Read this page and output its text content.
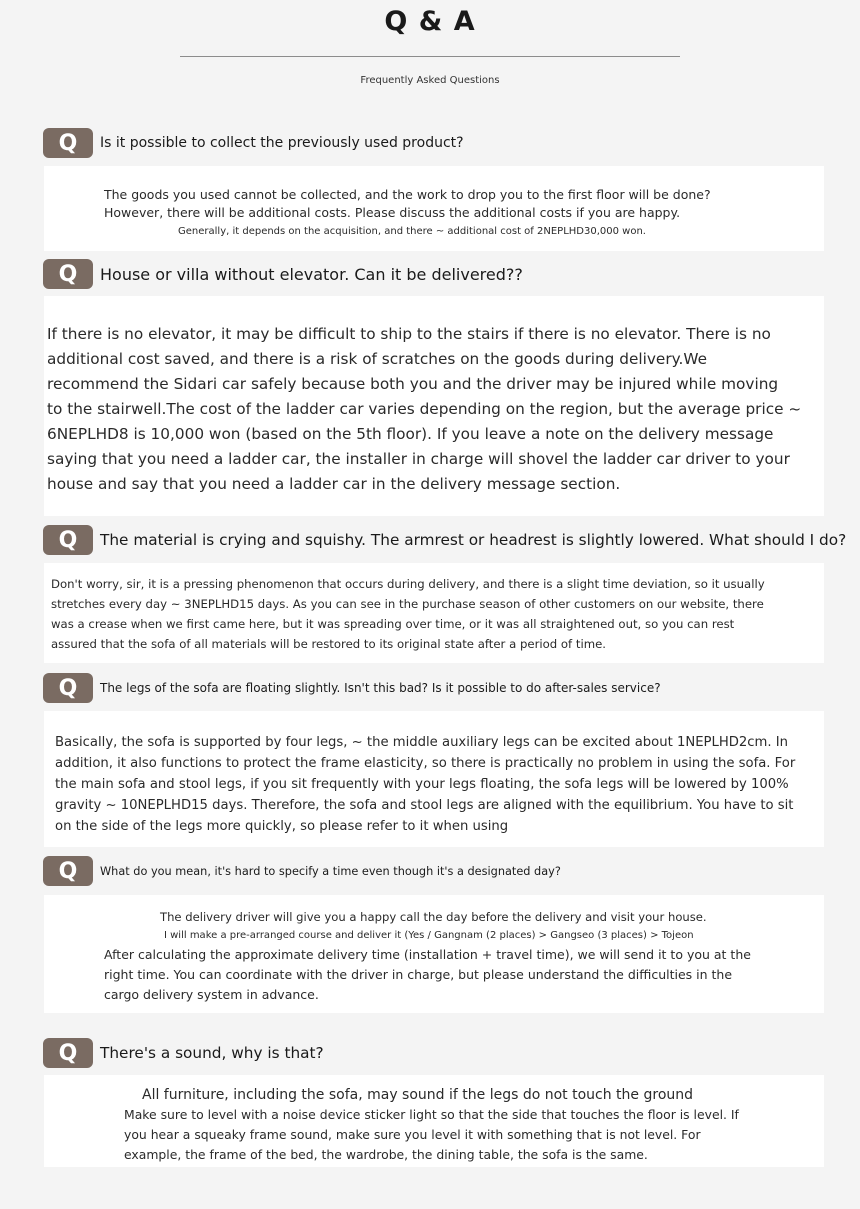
Q & A
Frequently Asked Questions
Q	Is it possible to collect the previously used product?

The goods you used cannot be collected, and the work to drop you to the first floor will be done?

However, there will be additional costs. Please discuss the additional costs if you are happy.

Generally, it depends on the acquisition, and there ~ additional cost of 2NEPLHD30,000 won.

Q	House or villa without elevator. Can it be delivered??

If there is no elevator, it may be difficult to ship to the stairs if there is no elevator. There is no

additional cost saved, and there is a risk of scratches on the goods during delivery.We

recommend the Sidari car safely because both you and the driver may be injured while moving

to the stairwell.The cost of the ladder car varies depending on the region, but the average price ~

6NEPLHD8 is 10,000 won (based on the 5th floor). If you leave a note on the delivery message

saying that you need a ladder car, the installer in charge will shovel the ladder car driver to your

house and say that you need a ladder car in the delivery message section.

Q	The material is crying and squishy. The armrest or headrest is slightly lowered. What should I do?

Don't worry, sir, it is a pressing phenomenon that occurs during delivery, and there is a slight time deviation, so it usually

stretches every day ~ 3NEPLHD15 days. As you can see in the purchase season of other customers on our website, there

was a crease when we first came here, but it was spreading over time, or it was all straightened out, so you can rest

assured that the sofa of all materials will be restored to its original state after a period of time.

Q	The legs of the sofa are floating slightly. Isn't this bad? Is it possible to do after-sales service?

Basically, the sofa is supported by four legs, ~ the middle auxiliary legs can be excited about 1NEPLHD2cm. In

addition, it also functions to protect the frame elasticity, so there is practically no problem in using the sofa. For

the main sofa and stool legs, if you sit frequently with your legs floating, the sofa legs will be lowered by 100%

gravity ~ 10NEPLHD15 days. Therefore, the sofa and stool legs are aligned with the equilibrium. You have to sit

on the side of the legs more quickly, so please refer to it when using

Q	What do you mean, it's hard to specify a time even though it's a designated day?

The delivery driver will give you a happy call the day before the delivery and visit your house.

I will make a pre-arranged course and deliver it (Yes / Gangnam (2 places) > Gangseo (3 places) > Tojeon

After calculating the approximate delivery time (installation + travel time), we will send it to you at the

right time. You can coordinate with the driver in charge, but please understand the difficulties in the

cargo delivery system in advance.

Q	There's a sound, why is that?

All furniture, including the sofa, may sound if the legs do not touch the ground

Make sure to level with a noise device sticker light so that the side that touches the floor is level. If

you hear a squeaky frame sound, make sure you level it with something that is not level. For

example, the frame of the bed, the wardrobe, the dining table, the sofa is the same.
